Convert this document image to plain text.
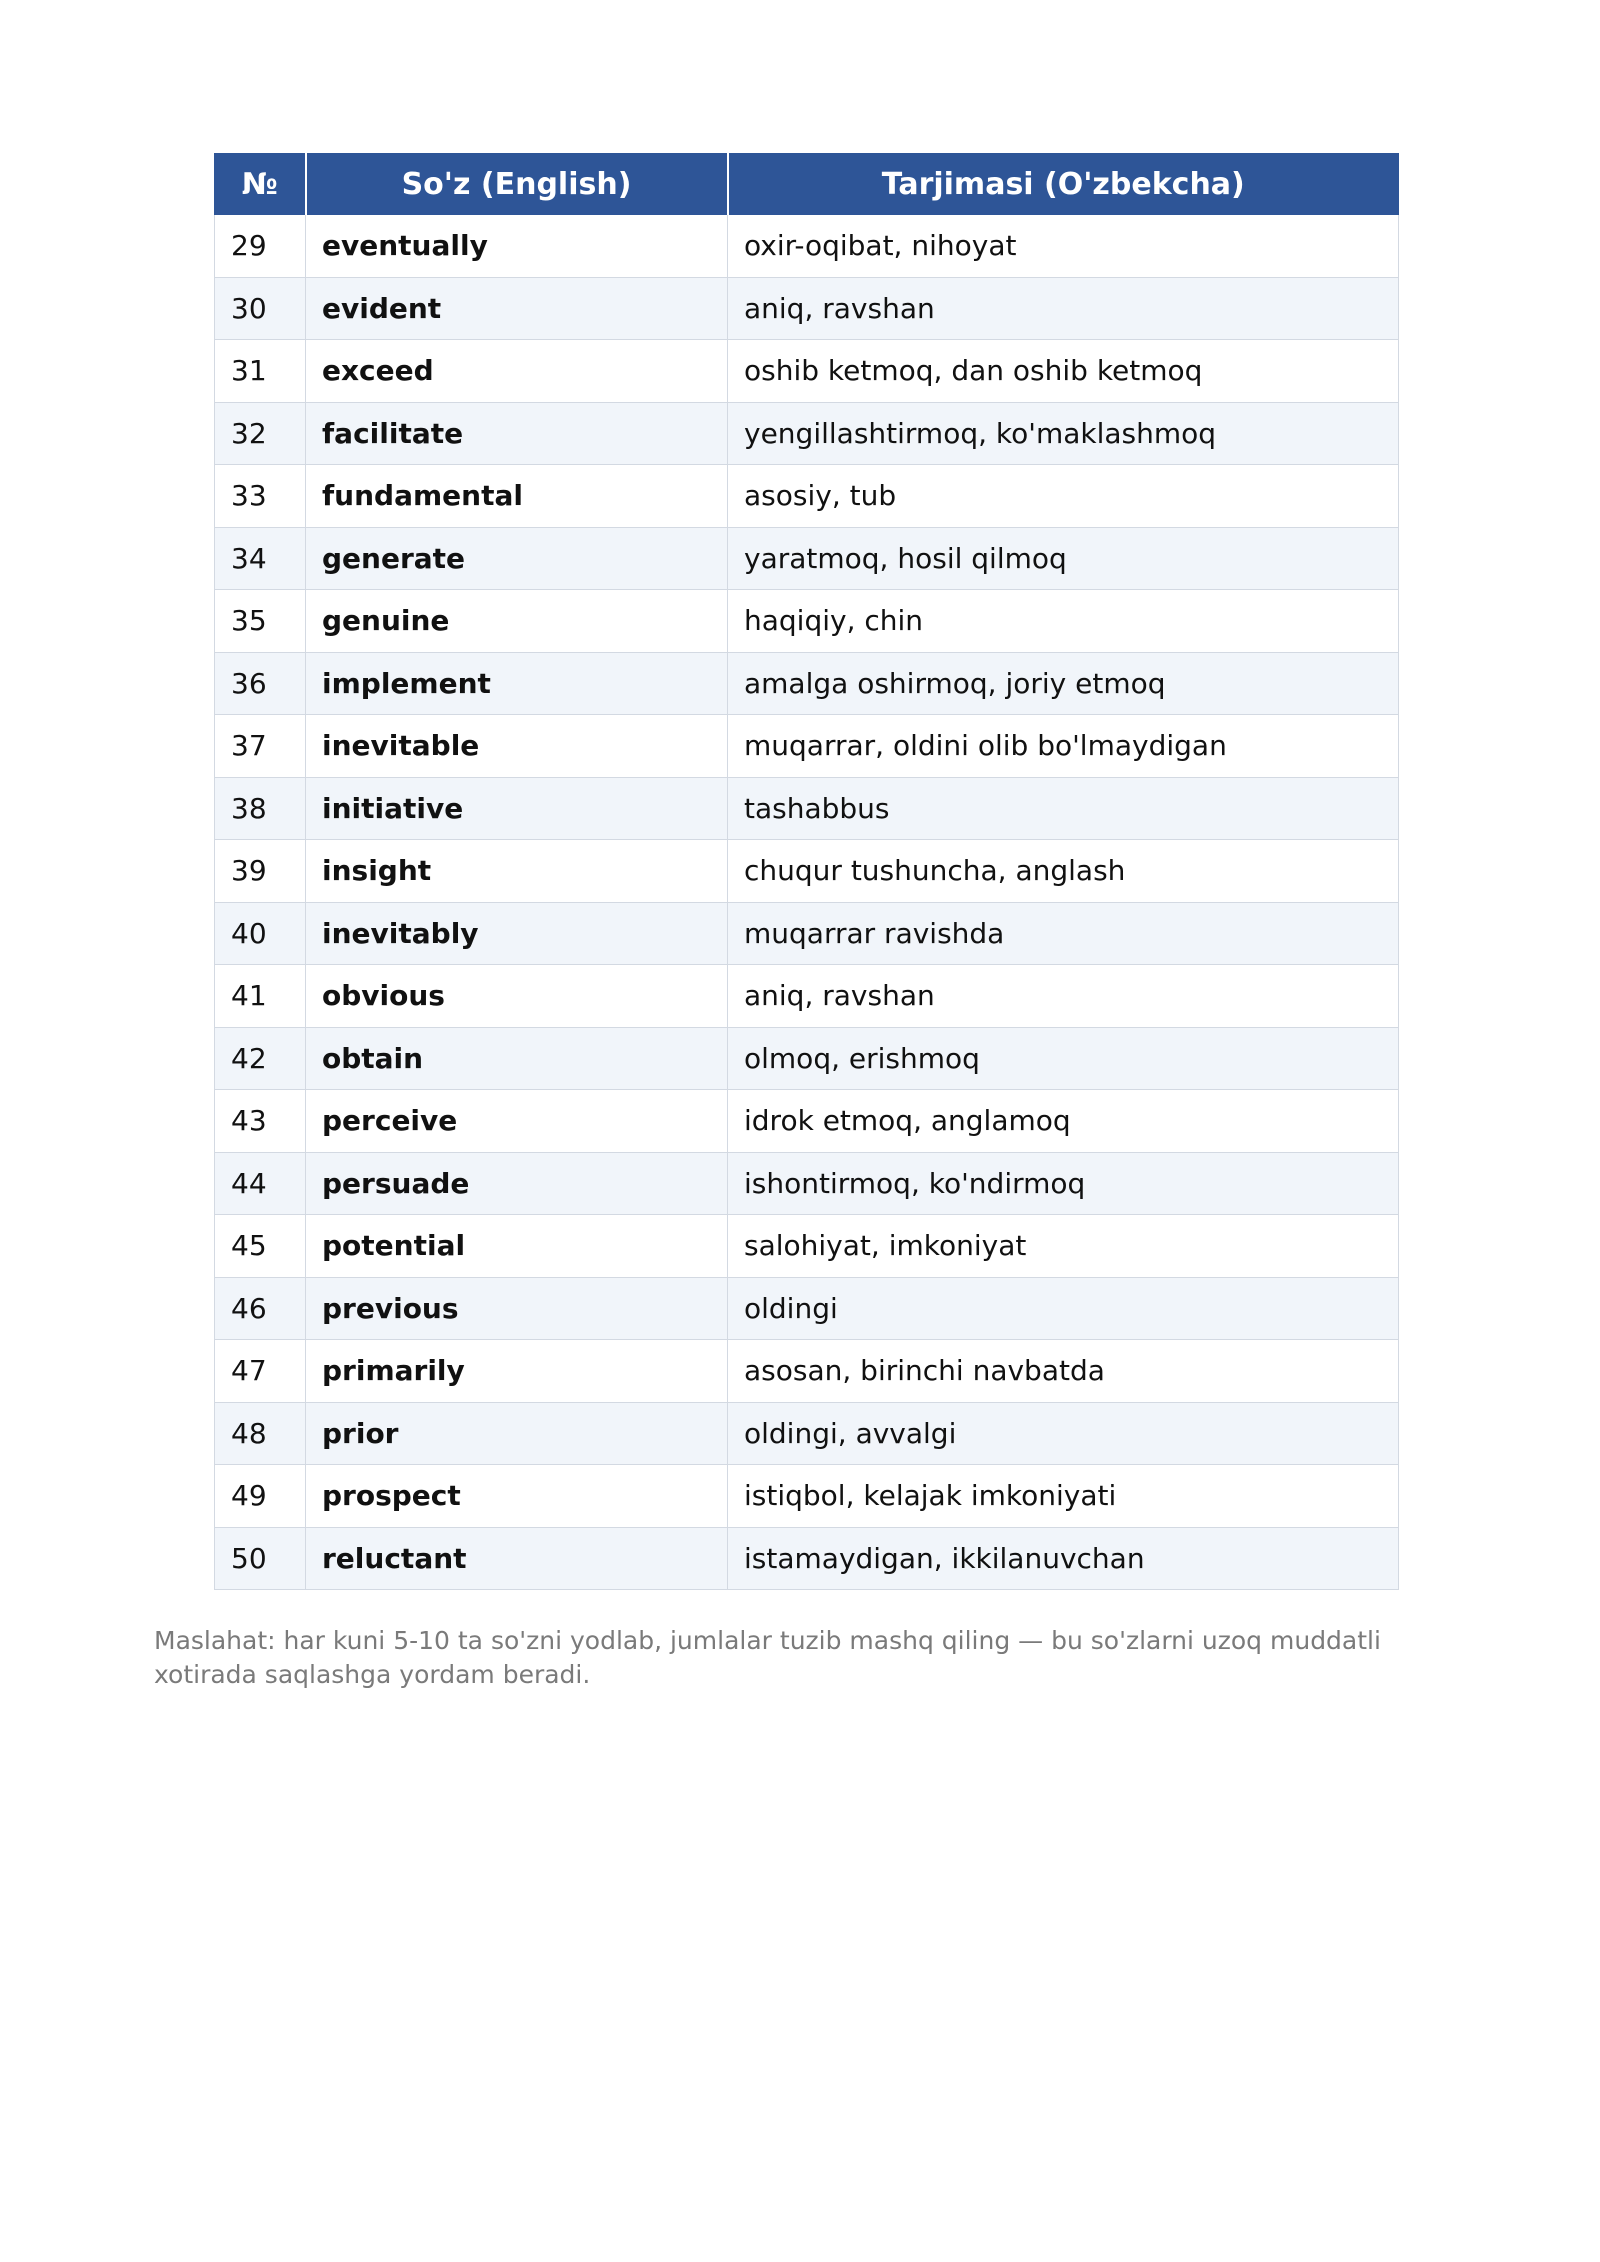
№	So'z (English)	Tarjimasi (O'zbekcha)
29	eventually	oxir-oqibat, nihoyat
30	evident	aniq, ravshan
31	exceed	oshib ketmoq, dan oshib ketmoq
32	facilitate	yengillashtirmoq, ko'maklashmoq
33	fundamental	asosiy, tub
34	generate	yaratmoq, hosil qilmoq
35	genuine	haqiqiy, chin
36	implement	amalga oshirmoq, joriy etmoq
37	inevitable	muqarrar, oldini olib bo'lmaydigan
38	initiative	tashabbus
39	insight	chuqur tushuncha, anglash
40	inevitably	muqarrar ravishda
41	obvious	aniq, ravshan
42	obtain	olmoq, erishmoq
43	perceive	idrok etmoq, anglamoq
44	persuade	ishontirmoq, ko'ndirmoq
45	potential	salohiyat, imkoniyat
46	previous	oldingi
47	primarily	asosan, birinchi navbatda
48	prior	oldingi, avvalgi
49	prospect	istiqbol, kelajak imkoniyati
50	reluctant	istamaydigan, ikkilanuvchan
Maslahat: har kuni 5-10 ta so'zni yodlab, jumlalar tuzib mashq qiling — bu so'zlarni uzoq muddatli xotirada saqlashga yordam beradi.
